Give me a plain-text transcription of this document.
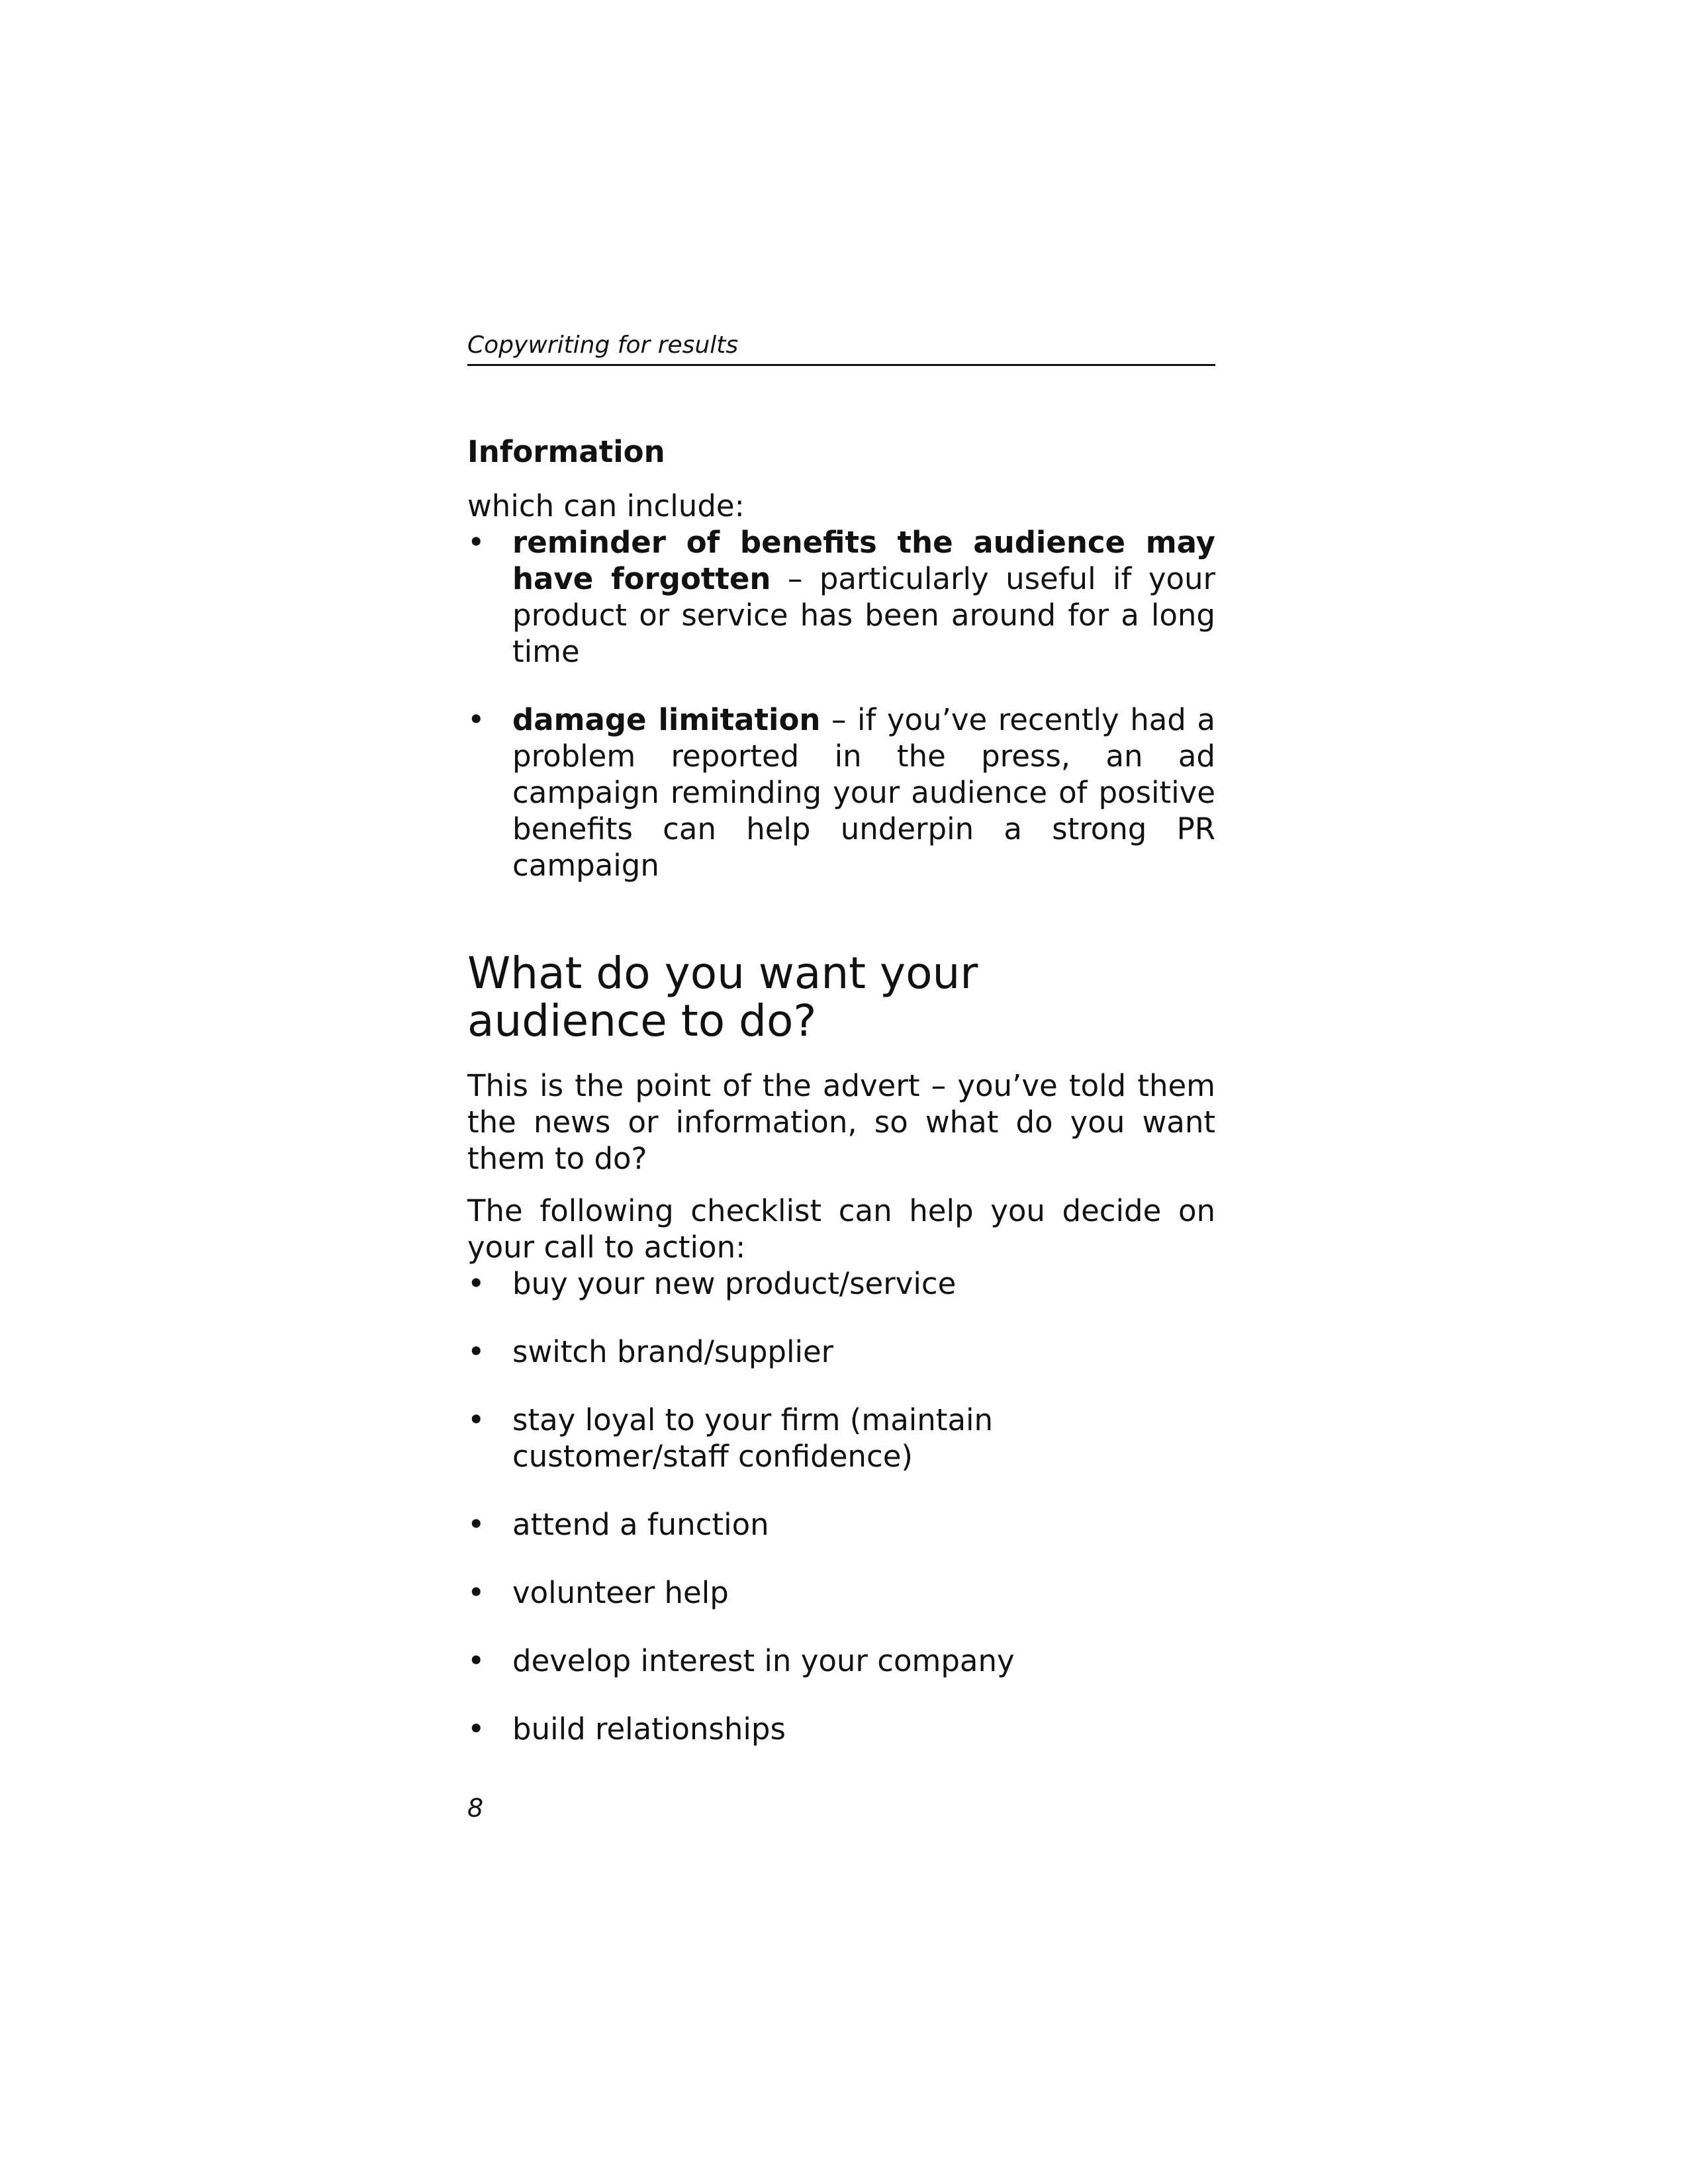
Copywriting for results
Information

which can include:

• reminder of benefits the audience may have forgotten – particularly useful if your product or service has been around for a long time
• damage limitation – if you’ve recently had a problem reported in the press, an ad campaign reminding your audience of positive benefits can help underpin a strong PR campaign
What do you want your audience to do?

This is the point of the advert – you’ve told them the news or information, so what do you want them to do?

The following checklist can help you decide on your call to action:

• buy your new product/service
• switch brand/supplier
• stay loyal to your firm (maintain customer/staff confidence)
• attend a function
• volunteer help
• develop interest in your company
• build relationships
8
